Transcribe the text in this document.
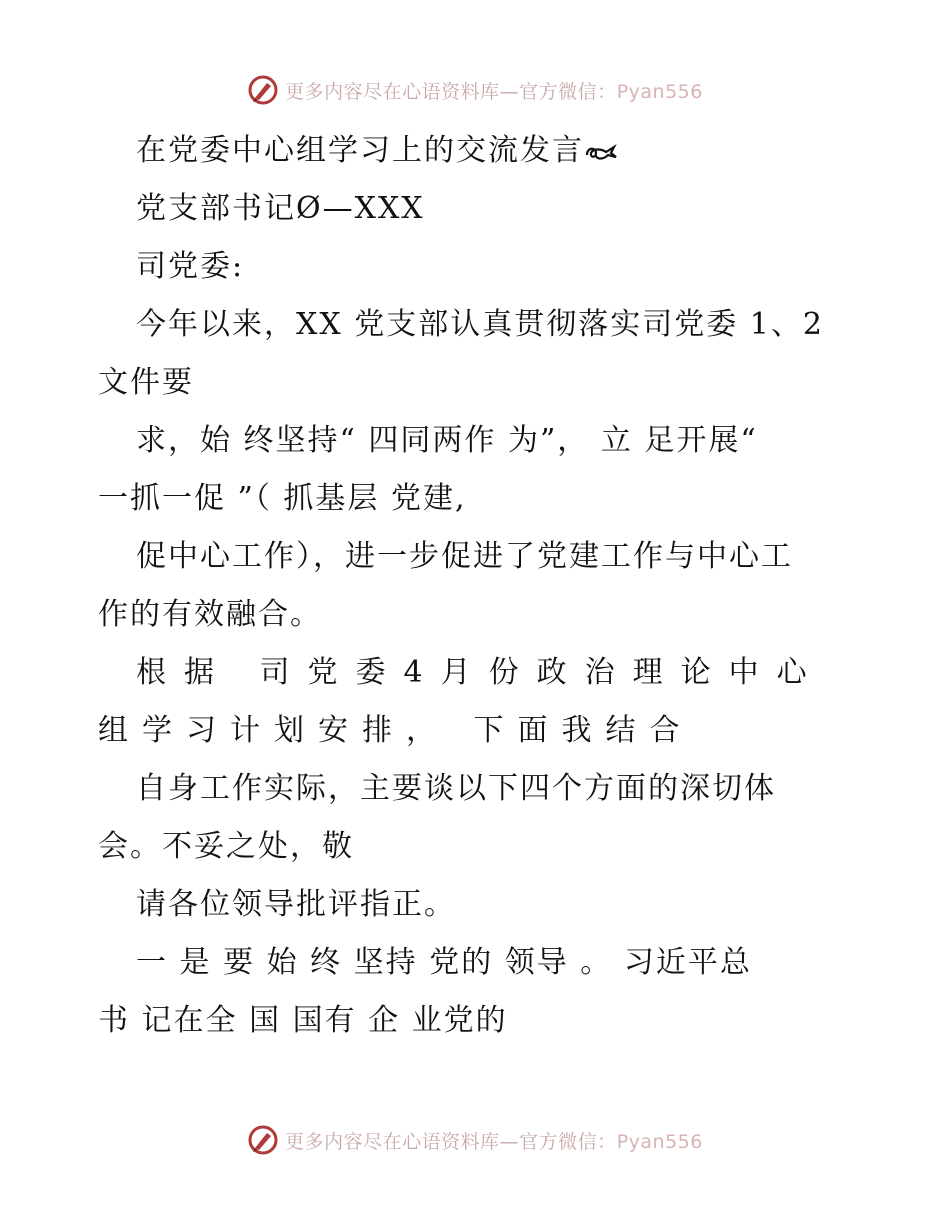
更多内容尽在心语资料库—官方微信：Pyan556
在党委中心组学习上的交流发言
党支部书记Ø—XXX
司党委:
今年以来，XX 党支部认真贯彻落实司党委 1、2
文件要
求，始 终坚持“ 四同两作 为”， 立 足开展“
一抓一促 ”（ 抓基层 党建,
促中心工作），进一步促进了党建工作与中心工
作的有效融合。
根据 司党委4月份政治理论中心
组学习计划安排， 下面我结合
自身工作实际，主要谈以下四个方面的深切体
会。不妥之处，敬
请各位领导批评指正。
一 是 要 始 终 坚持 党的 领导 。 习近平总
书 记在全 国 国有 企 业党的
更多内容尽在心语资料库—官方微信：Pyan556
